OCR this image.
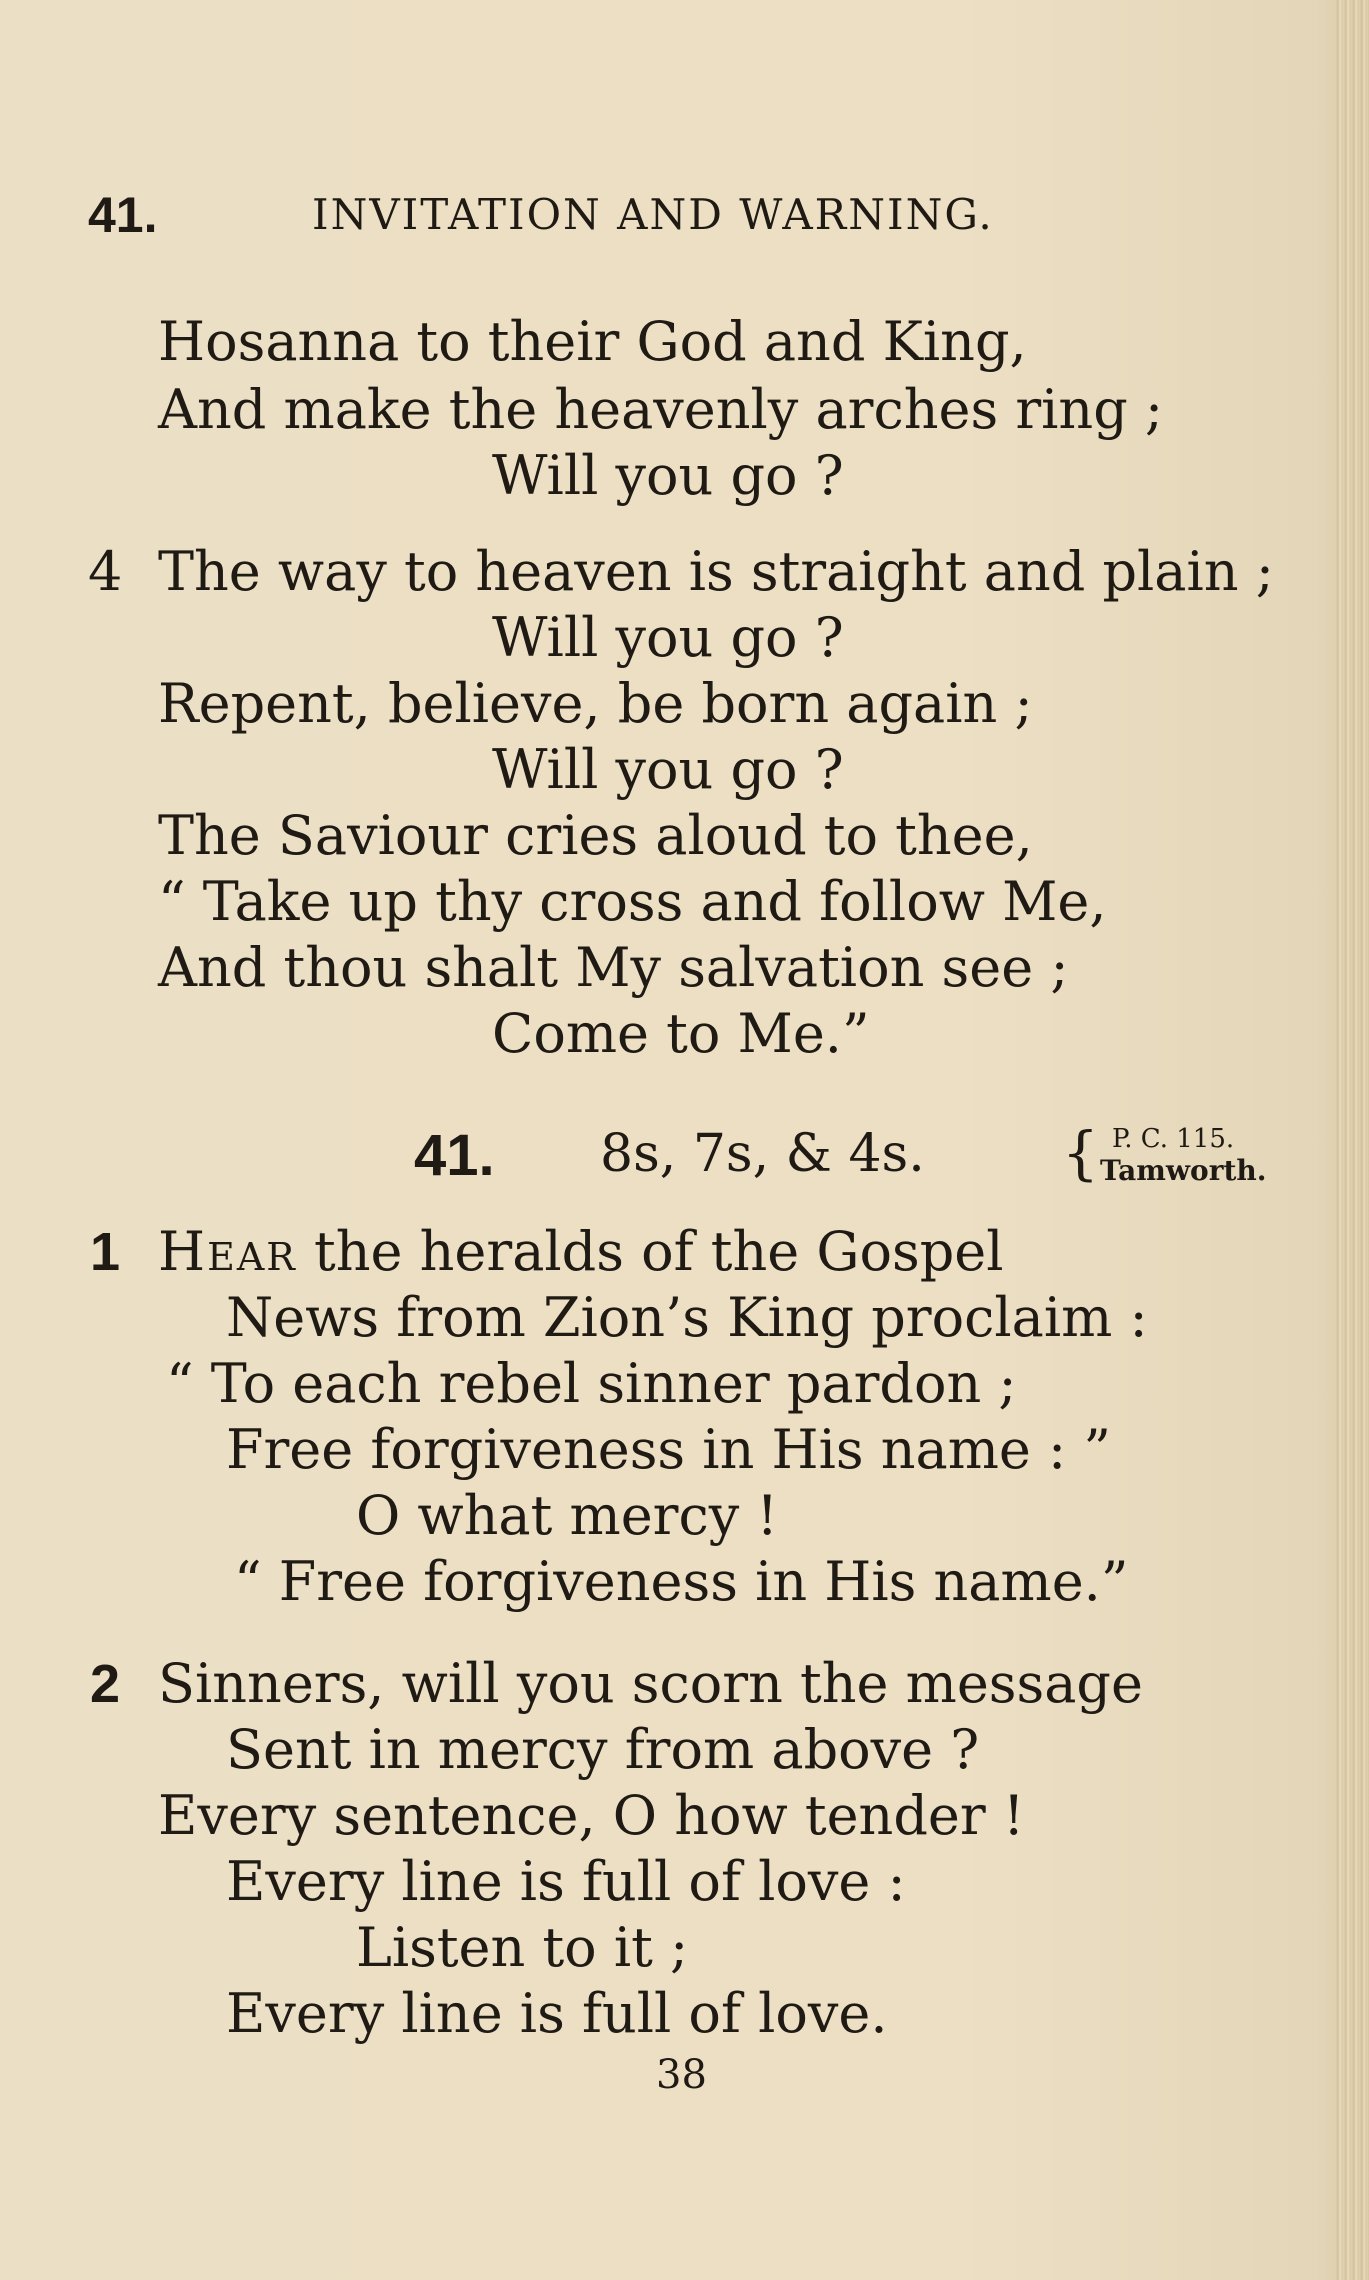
41.	INVITATION AND WARNING.
Hosanna to their God and King,
And make the heavenly arches ring ;
Will you go ?
4 The way to heaven is straight and plain ;
Will you go ?
Repent, believe, be born again ;
Will you go ?
The Saviour cries aloud to thee,
“ Take up thy cross and follow Me,
And thou shalt My salvation see ;
Come to Me.”
41. 8s, 7s, & 4s. { P. C. 115.
Tamworth.
1 Hear the heralds of the Gospel
News from Zion’s King proclaim :
“ To each rebel sinner pardon ;
Free forgiveness in His name : ”
O what mercy !
“ Free forgiveness in His name.”
2 Sinners, will you scorn the message
Sent in mercy from above ?
Every sentence, O how tender !
Every line is full of love :
Listen to it ;
Every line is full of love.
38
